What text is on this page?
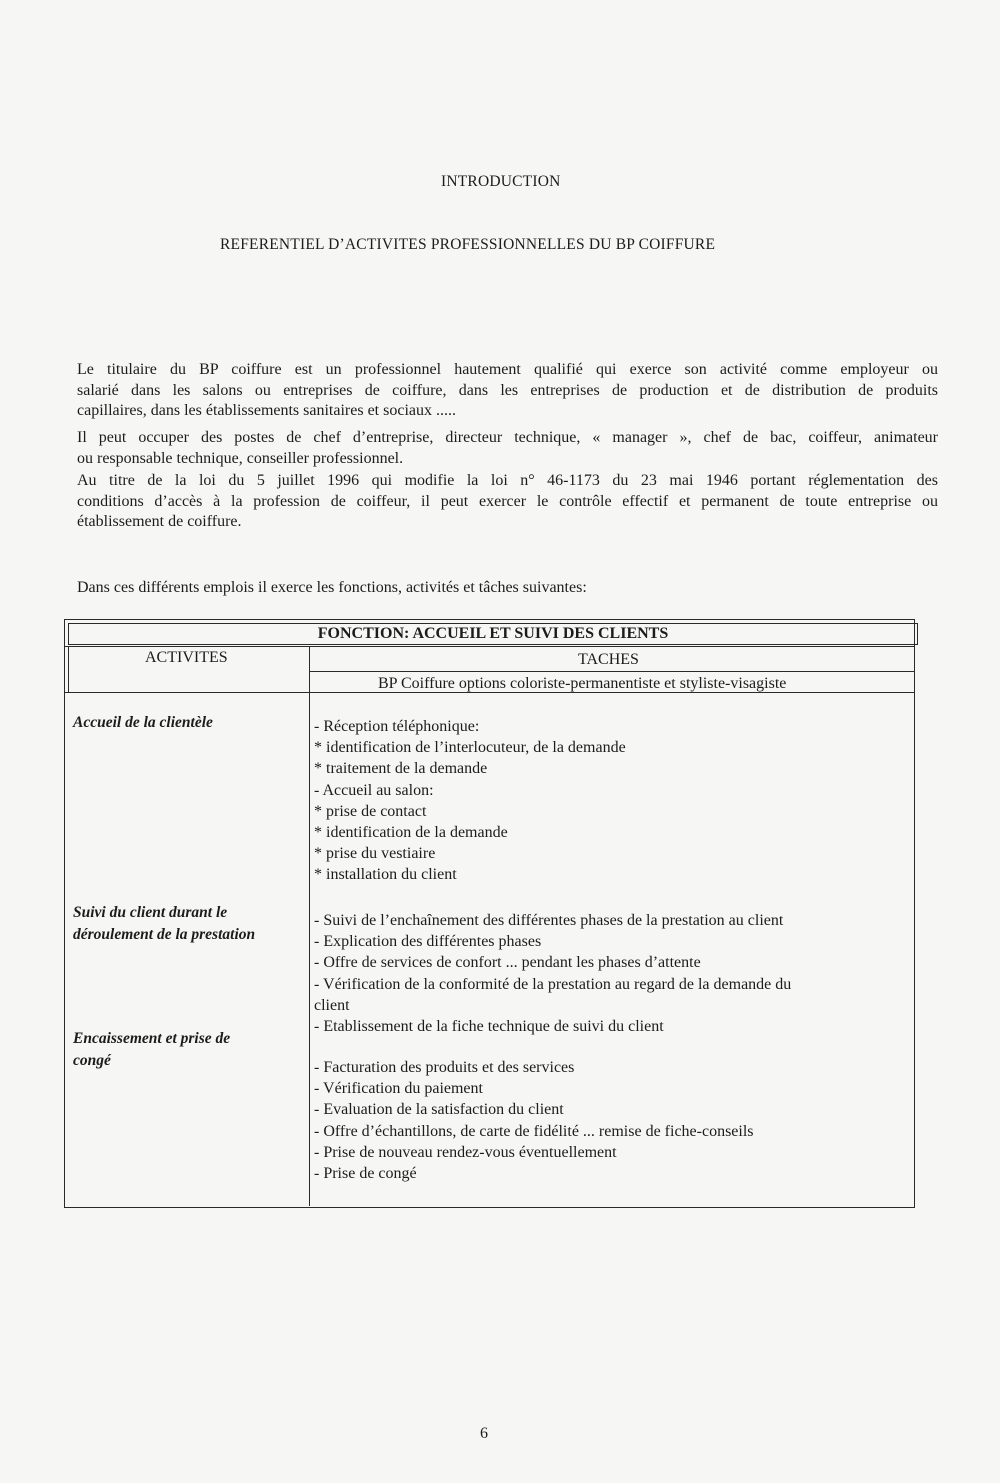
INTRODUCTION
REFERENTIEL D’ACTIVITES PROFESSIONNELLES DU BP COIFFURE
Le titulaire du BP coiffure est un professionnel hautement qualifié qui exerce son activité comme employeur ou
salarié dans les salons ou entreprises de coiffure, dans les entreprises de production et de distribution de produits
capillaires, dans les établissements sanitaires et sociaux .....
Il peut occuper des postes de chef d’entreprise, directeur technique, « manager », chef de bac, coiffeur, animateur
ou responsable technique, conseiller professionnel.
Au titre de la loi du 5 juillet 1996 qui modifie la loi n° 46-1173 du 23 mai 1946 portant réglementation des
conditions d’accès à la profession de coiffeur, il peut exercer le contrôle effectif et permanent de toute entreprise ou
établissement de coiffure.
Dans ces différents emplois il exerce les fonctions, activités et tâches suivantes:
FONCTION: ACCUEIL ET SUIVI DES CLIENTS
ACTIVITES	TACHES
BP Coiffure options coloriste-permanentiste et styliste-visagiste
Accueil de la clientèle
Suivi du client durant le
déroulement de la prestation
Encaissement et prise de
congé
- Réception téléphonique:
* identification de l’interlocuteur, de la demande
* traitement de la demande
- Accueil au salon:
* prise de contact
* identification de la demande
* prise du vestiaire
* installation du client
- Suivi de l’enchaînement des différentes phases de la prestation au client
- Explication des différentes phases
- Offre de services de confort ... pendant les phases d’attente
- Vérification de la conformité de la prestation au regard de la demande du
client
- Etablissement de la fiche technique de suivi du client
- Facturation des produits et des services
- Vérification du paiement
- Evaluation de la satisfaction du client
- Offre d’échantillons, de carte de fidélité ... remise de fiche-conseils
- Prise de nouveau rendez-vous éventuellement
- Prise de congé
6
